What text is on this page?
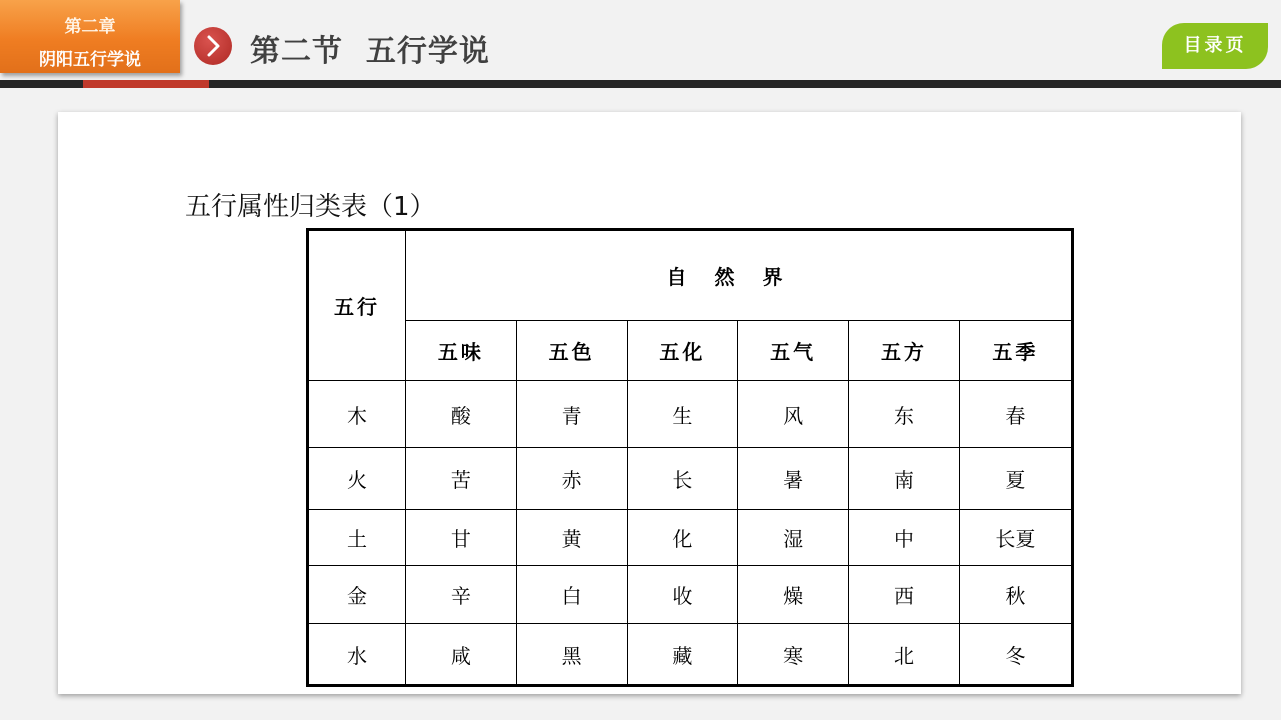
第二章
阴阳五行学说	第二节  五行学说	目录页
五行属性归类表（1）
五行	自然界					
	五味	五色	五化	五气	五方	五季
木	酸	青	生	风	东	春
火	苦	赤	长	暑	南	夏
土	甘	黄	化	湿	中	长夏
金	辛	白	收	燥	西	秋
水	咸	黑	藏	寒	北	冬
